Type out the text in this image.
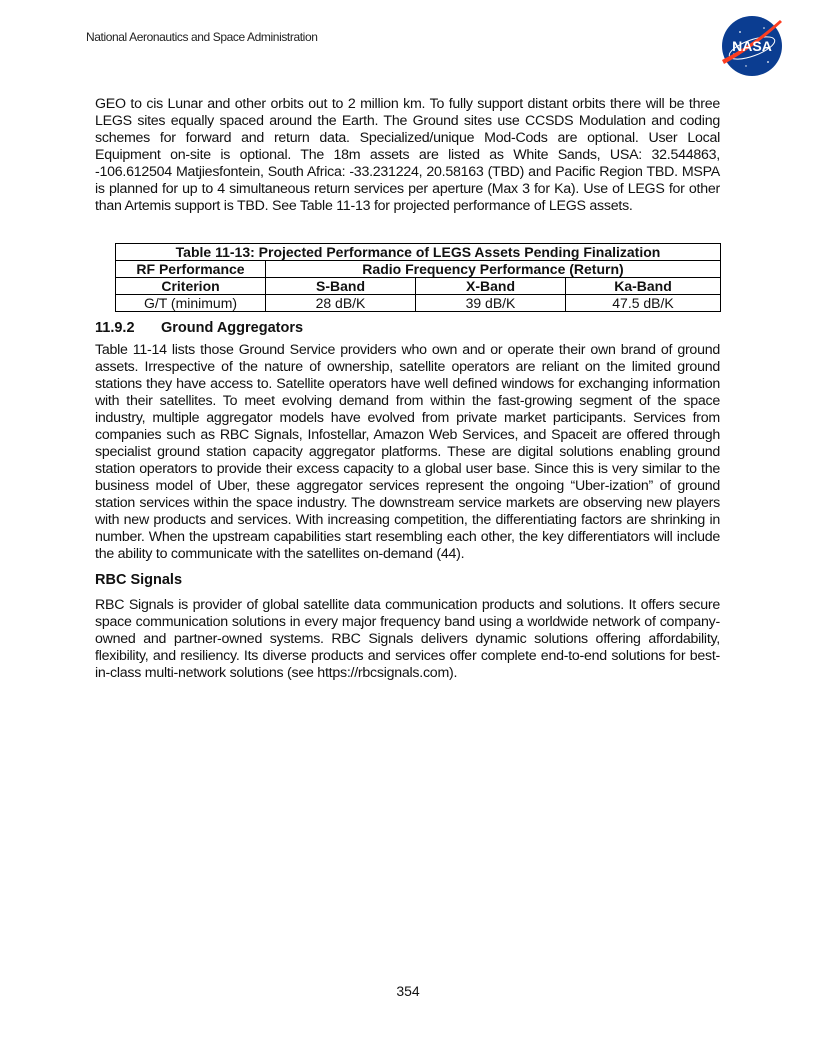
National Aeronautics and Space Administration
NASA

GEO to cis Lunar and other orbits out to 2 million km. To fully support distant orbits there will be three LEGS sites equally spaced around the Earth. The Ground sites use CCSDS Modulation and coding schemes for forward and return data. Specialized/unique Mod-Cods are optional. User Local Equipment on-site is optional. The 18m assets are listed as White Sands, USA: 32.544863, -106.612504 Matjiesfontein, South Africa: -33.231224, 20.58163 (TBD) and Pacific Region TBD. MSPA is planned for up to 4 simultaneous return services per aperture (Max 3 for Ka). Use of LEGS for other than Artemis support is TBD. See Table 11-13 for projected performance of LEGS assets.

Table 11-13: Projected Performance of LEGS Assets Pending Finalization			
RF Performance	Radio Frequency Performance (Return)		
Criterion	S-Band	X-Band	Ka-Band
G/T (minimum)	28 dB/K	39 dB/K	47.5 dB/K
11.9.2 Ground Aggregators

Table 11-14 lists those Ground Service providers who own and or operate their own brand of ground assets. Irrespective of the nature of ownership, satellite operators are reliant on the limited ground stations they have access to. Satellite operators have well defined windows for exchanging information with their satellites. To meet evolving demand from within the fast-growing segment of the space industry, multiple aggregator models have evolved from private market participants. Services from companies such as RBC Signals, Infostellar, Amazon Web Services, and Spaceit are offered through specialist ground station capacity aggregator platforms. These are digital solutions enabling ground station operators to provide their excess capacity to a global user base. Since this is very similar to the business model of Uber, these aggregator services represent the ongoing “Uber-ization” of ground station services within the space industry. The downstream service markets are observing new players with new products and services. With increasing competition, the differentiating factors are shrinking in number. When the upstream capabilities start resembling each other, the key differentiators will include the ability to communicate with the satellites on-demand (44).

RBC Signals

RBC Signals is provider of global satellite data communication products and solutions. It offers secure space communication solutions in every major frequency band using a worldwide network of company-owned and partner-owned systems. RBC Signals delivers dynamic solutions offering affordability, flexibility, and resiliency. Its diverse products and services offer complete end-to-end solutions for best-in-class multi-network solutions (see https://rbcsignals.com).

354
